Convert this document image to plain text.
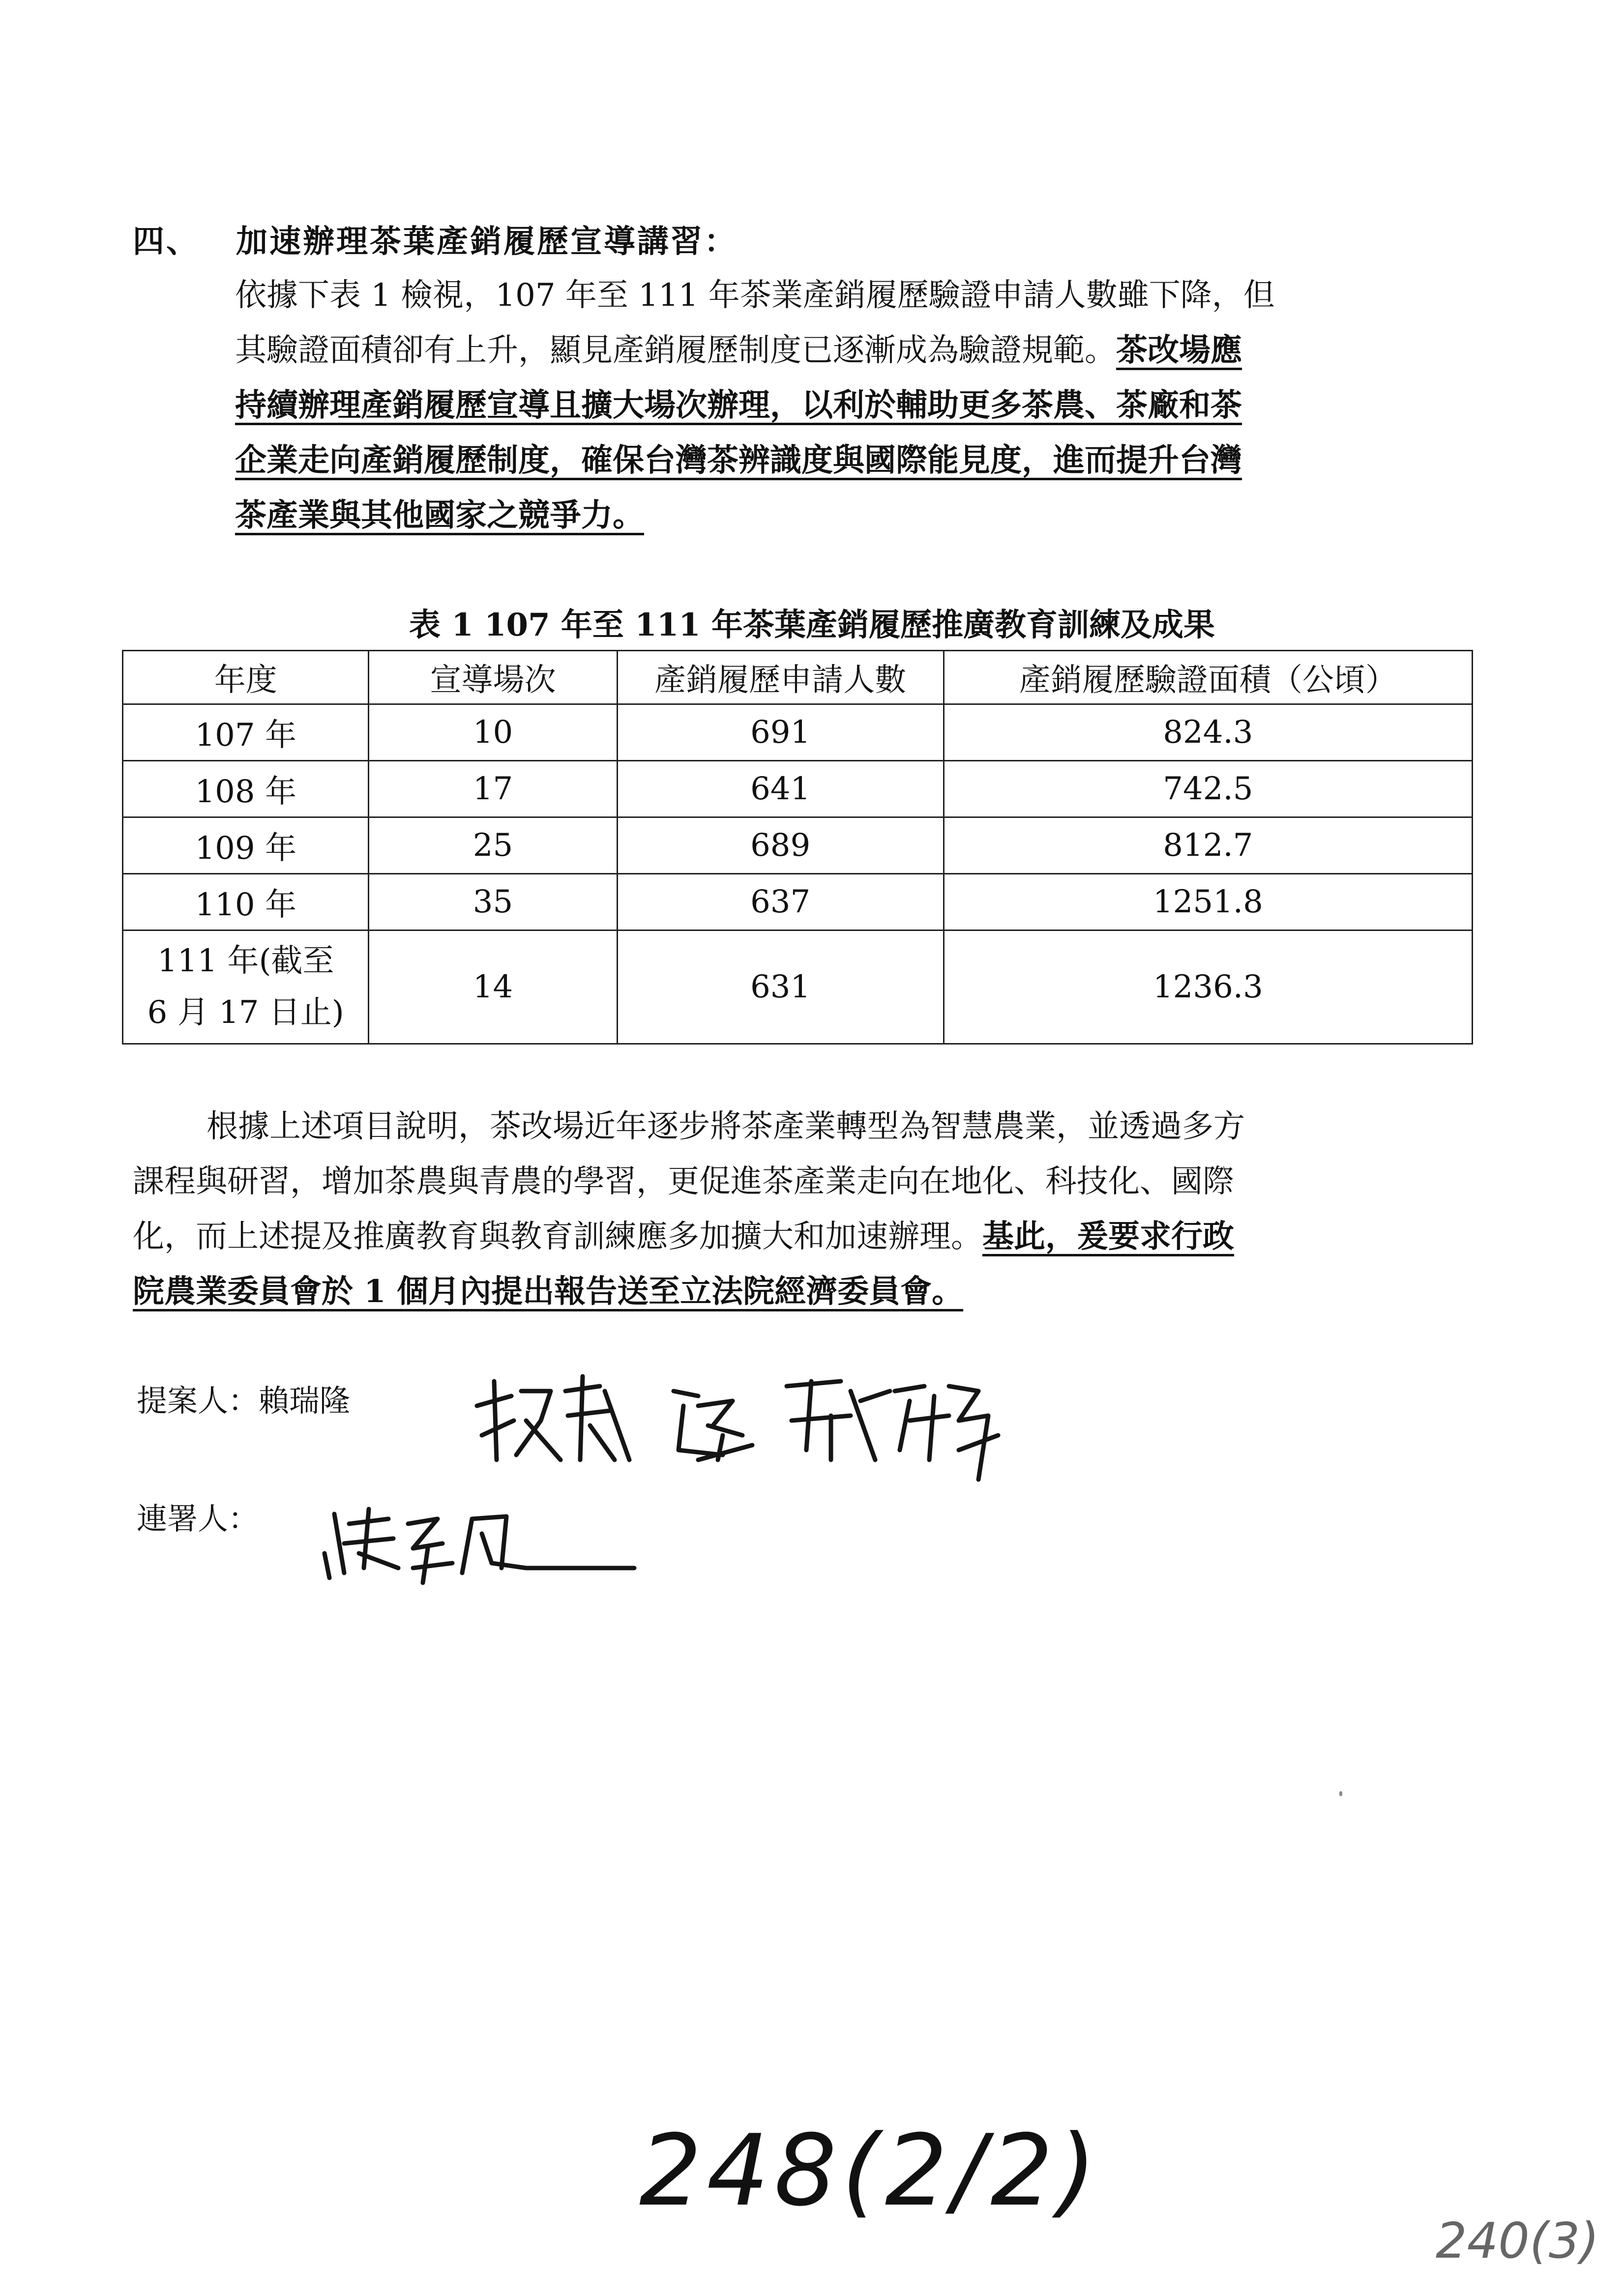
四、 加速辦理茶葉產銷履歷宣導講習：
依據下表 1 檢視，107 年至 111 年茶業產銷履歷驗證申請人數雖下降，但
其驗證面積卻有上升，顯見產銷履歷制度已逐漸成為驗證規範。茶改場應
持續辦理產銷履歷宣導且擴大場次辦理，以利於輔助更多茶農、茶廠和茶
企業走向產銷履歷制度，確保台灣茶辨識度與國際能見度，進而提升台灣
茶產業與其他國家之競爭力。
表 1 107 年至 111 年茶葉產銷履歷推廣教育訓練及成果
年度	宣導場次	產銷履歷申請人數	產銷履歷驗證面積（公頃）
107 年	10	691	824.3
108 年	17	641	742.5
109 年	25	689	812.7
110 年	35	637	1251.8
111 年(截至
6 月 17 日止)	14	631	1236.3
根據上述項目說明，茶改場近年逐步將茶產業轉型為智慧農業，並透過多方
課程與研習，增加茶農與青農的學習，更促進茶產業走向在地化、科技化、國際
化，而上述提及推廣教育與教育訓練應多加擴大和加速辦理。基此，爰要求行政
院農業委員會於 1 個月內提出報告送至立法院經濟委員會。
提案人：賴瑞隆
連署人：
248(2/2)
240(3)
